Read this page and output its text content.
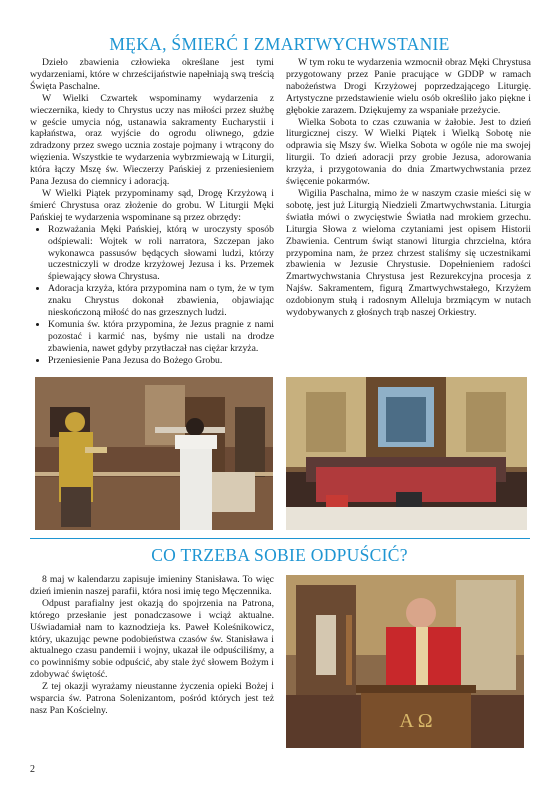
MĘKA, ŚMIERĆ I ZMARTWYCHWSTANIE

Dzieło zbawienia człowieka określane jest tymi wydarzeniami, które w chrześcijaństwie napełniają swą treścią Święta Paschalne.

W Wielki Czwartek wspominamy wydarzenia z wieczernika, kiedy to Chrystus uczy nas miłości przez służbę w geście umycia nóg, ustanawia sakramenty Eucharystii i kapłaństwa, oraz wyjście do ogrodu oliwnego, gdzie zdradzony przez swego ucznia zostaje pojmany i wtrącony do więzienia. Wszystkie te wydarzenia wybrzmiewają w Liturgii, która łączy Mszę św. Wieczerzy Pańskiej z przeniesieniem Pana Jezusa do ciemnicy i adoracją.

W Wielki Piątek przypominamy sąd, Drogę Krzyżową i śmierć Chrystusa oraz złożenie do grobu. W Liturgii Męki Pańskiej te wydarzenia wspominane są przez obrzędy:

• Rozważania Męki Pańskiej, którą w uroczysty sposób odśpiewali: Wojtek w roli narratora, Szczepan jako wykonawca passusów będących słowami ludzi, którzy uczestniczyli w drodze krzyżowej Jezusa i ks. Przemek śpiewający słowa Chrystusa.
• Adoracja krzyża, która przypomina nam o tym, że w tym znaku Chrystus dokonał zbawienia, objawiając nieskończoną miłość do nas grzesznych ludzi.
• Komunia św. która przypomina, że Jezus pragnie z nami pozostać i karmić nas, byśmy nie ustali na drodze zbawienia, nawet gdyby przytłaczał nas ciężar krzyża.
• Przeniesienie Pana Jezusa do Bożego Grobu.

W tym roku te wydarzenia wzmocnił obraz Męki Chrystusa przygotowany przez Panie pracujące w GDDP w ramach nabożeństwa Drogi Krzyżowej poprzedzającego Liturgię. Artystyczne przedstawienie wielu osób określiło jako piękne i głębokie zarazem. Dziękujemy za wspaniałe przeżycie.

Wielka Sobota to czas czuwania w żałobie. Jest to dzień liturgicznej ciszy. W Wielki Piątek i Wielką Sobotę nie odprawia się Mszy św. Wielka Sobota w ogóle nie ma swojej liturgii. To dzień adoracji przy grobie Jezusa, adorowania krzyża, i przygotowania do dnia Zmartwychwstania przez święcenie pokarmów.

Wigilia Paschalna, mimo że w naszym czasie mieści się w sobotę, jest już Liturgią Niedzieli Zmartwychwstania. Liturgia światła mówi o zwycięstwie Światła nad mrokiem grzechu. Liturgia Słowa z wieloma czytaniami jest opisem Historii Zbawienia. Centrum świąt stanowi liturgia chrzcielna, która przypomina nam, że przez chrzest staliśmy się uczestnikami zbawienia w Jezusie Chrystusie. Dopełnieniem radości Zmartwychwstania Chrystusa jest Rezurekcyjna procesja z Najśw. Sakramentem, figurą Zmartwychwstałego, Krzyżem ozdobionym stułą i radosnym Alleluja brzmiącym w nutach wydobywanych z głośnych trąb naszej Orkiestry.

CO TRZEBA SOBIE ODPUŚCIĆ?

8 maj w kalendarzu zapisuje imieniny Stanisława. To więc dzień imienin naszej parafii, która nosi imię tego Męczennika.

Odpust parafialny jest okazją do spojrzenia na Patrona, którego przesłanie jest ponadczasowe i wciąż aktualne. Uświadamiał nam to kaznodzieja ks. Paweł Koleśnikowicz, który, ukazując pewne podobieństwa czasów św. Stanisława i aktualnego czasu pandemii i wojny, ukazał ile odpuściliśmy, a co powinniśmy sobie odpuścić, aby stale żyć słowem Bożym i zdobywać świętość.

Z tej okazji wyrażamy nieustanne życzenia opieki Bożej i wsparcia św. Patrona Solenizantom, pośród których jest też nasz Pan Kościelny.	A Ω
2
